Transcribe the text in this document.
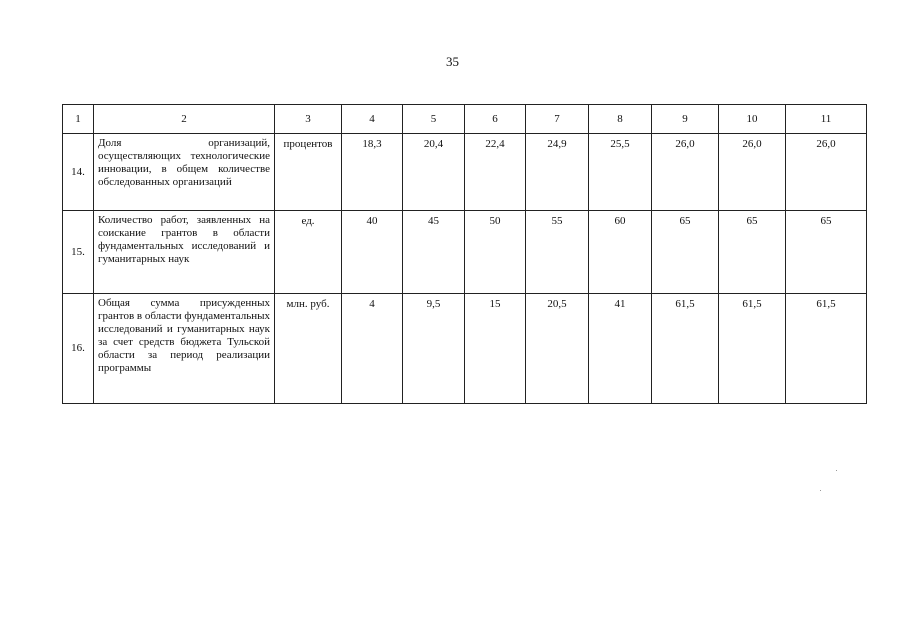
35
1	2	3	4	5	6	7	8	9	10	11
14.	Доля организаций, осуществляющих технологические инновации, в общем количестве обследованных организаций	процентов	18,3	20,4	22,4	24,9	25,5	26,0	26,0	26,0
15.	Количество работ, заявленных на соискание грантов в области фундаментальных исследований и гуманитарных наук	ед.	40	45	50	55	60	65	65	65
16.	Общая сумма присужденных грантов в области фундаментальных исследований и гуманитарных наук за счет средств бюджета Тульской области за период реализации программы	млн. руб.	4	9,5	15	20,5	41	61,5	61,5	61,5
